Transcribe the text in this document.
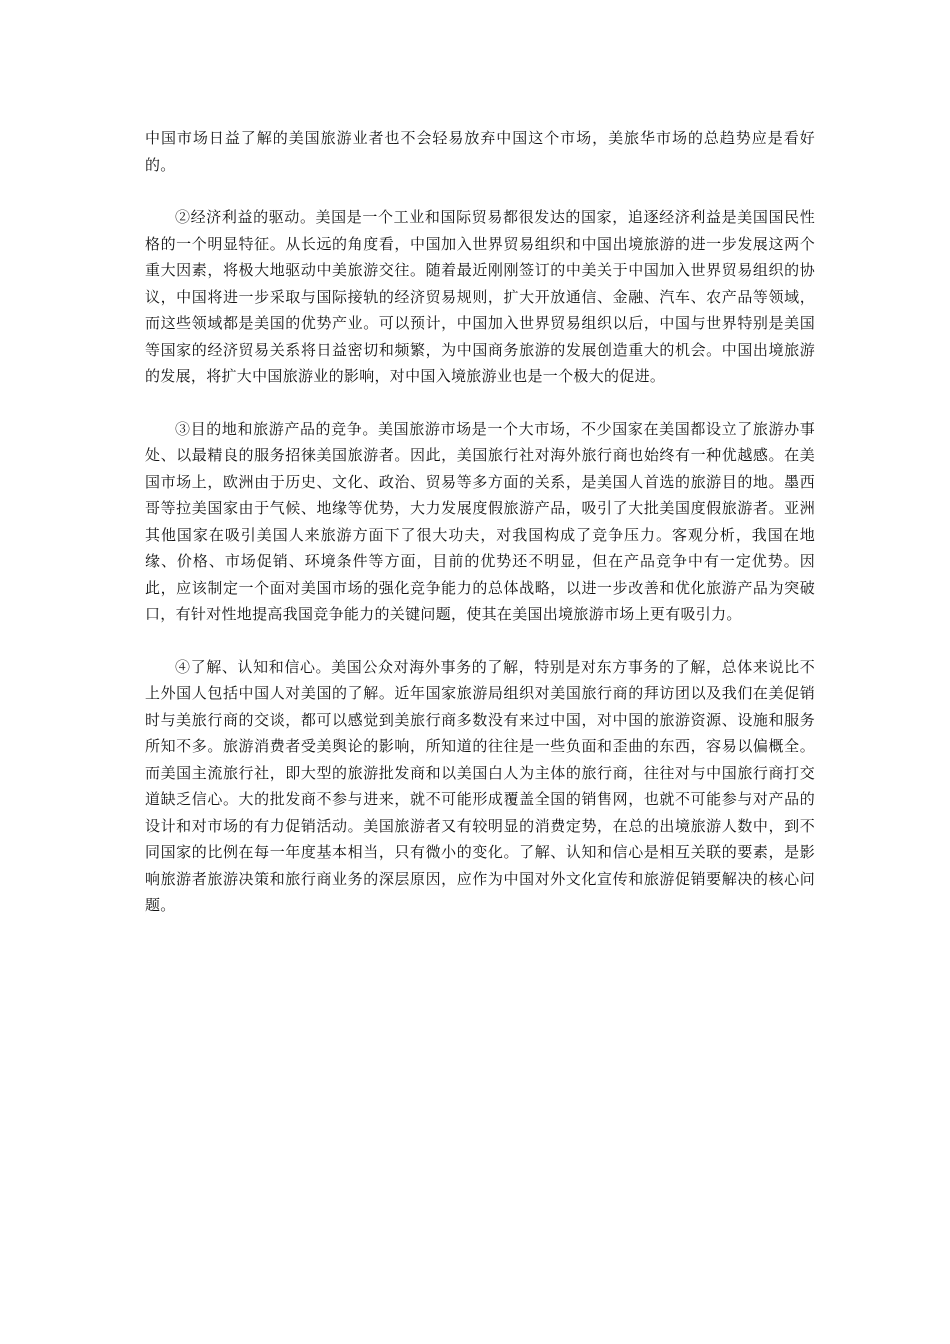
中国市场日益了解的美国旅游业者也不会轻易放弃中国这个市场，美旅华市场的总趋势应是看好的。

②经济利益的驱动。美国是一个工业和国际贸易都很发达的国家，追逐经济利益是美国国民性格的一个明显特征。从长远的角度看，中国加入世界贸易组织和中国出境旅游的进一步发展这两个重大因素，将极大地驱动中美旅游交往。随着最近刚刚签订的中美关于中国加入世界贸易组织的协议，中国将进一步采取与国际接轨的经济贸易规则，扩大开放通信、金融、汽车、农产品等领域，而这些领域都是美国的优势产业。可以预计，中国加入世界贸易组织以后，中国与世界特别是美国等国家的经济贸易关系将日益密切和频繁，为中国商务旅游的发展创造重大的机会。中国出境旅游的发展，将扩大中国旅游业的影响，对中国入境旅游业也是一个极大的促进。

③目的地和旅游产品的竞争。美国旅游市场是一个大市场，不少国家在美国都设立了旅游办事处、以最精良的服务招徕美国旅游者。因此，美国旅行社对海外旅行商也始终有一种优越感。在美国市场上，欧洲由于历史、文化、政治、贸易等多方面的关系，是美国人首选的旅游目的地。墨西哥等拉美国家由于气候、地缘等优势，大力发展度假旅游产品，吸引了大批美国度假旅游者。亚洲其他国家在吸引美国人来旅游方面下了很大功夫，对我国构成了竞争压力。客观分析，我国在地缘、价格、市场促销、环境条件等方面，目前的优势还不明显，但在产品竞争中有一定优势。因此，应该制定一个面对美国市场的强化竞争能力的总体战略，以进一步改善和优化旅游产品为突破口，有针对性地提高我国竞争能力的关键问题，使其在美国出境旅游市场上更有吸引力。

④了解、认知和信心。美国公众对海外事务的了解，特别是对东方事务的了解，总体来说比不上外国人包括中国人对美国的了解。近年国家旅游局组织对美国旅行商的拜访团以及我们在美促销时与美旅行商的交谈，都可以感觉到美旅行商多数没有来过中国，对中国的旅游资源、设施和服务所知不多。旅游消费者受美舆论的影响，所知道的往往是一些负面和歪曲的东西，容易以偏概全。而美国主流旅行社，即大型的旅游批发商和以美国白人为主体的旅行商，往往对与中国旅行商打交道缺乏信心。大的批发商不参与进来，就不可能形成覆盖全国的销售网，也就不可能参与对产品的设计和对市场的有力促销活动。美国旅游者又有较明显的消费定势，在总的出境旅游人数中，到不同国家的比例在每一年度基本相当，只有微小的变化。了解、认知和信心是相互关联的要素，是影响旅游者旅游决策和旅行商业务的深层原因，应作为中国对外文化宣传和旅游促销要解决的核心问题。
